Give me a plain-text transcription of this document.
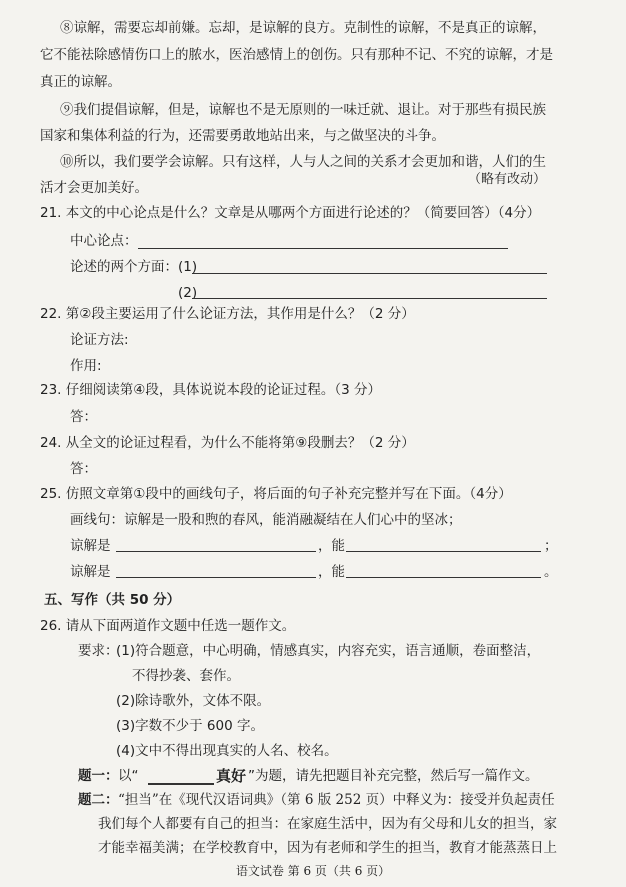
⑧谅解，需要忘却前嫌。忘却，是谅解的良方。克制性的谅解，不是真正的谅解，
它不能祛除感情伤口上的脓水，医治感情上的创伤。只有那种不记、不究的谅解，才是
真正的谅解。
⑨我们提倡谅解，但是，谅解也不是无原则的一味迁就、退让。对于那些有损民族
国家和集体利益的行为，还需要勇敢地站出来，与之做坚决的斗争。
⑩所以，我们要学会谅解。只有这样，人与人之间的关系才会更加和谐，人们的生
活才会更加美好。
（略有改动）
21. 本文的中心论点是什么？文章是从哪两个方面进行论述的？（简要回答）（4分）
中心论点：
论述的两个方面：(1)
(2)
22. 第②段主要运用了什么论证方法，其作用是什么？（2 分）
论证方法:
作用:
23. 仔细阅读第④段，具体说说本段的论证过程。（3 分）
答：
24. 从全文的论证过程看，为什么不能将第⑨段删去？（2 分）
答：
25. 仿照文章第①段中的画线句子，将后面的句子补充完整并写在下面。（4分）
画线句：谅解是一股和煦的春风，能消融凝结在人们心中的坚冰；
谅解是	，能	；
谅解是	，能	。
五、写作（共 50 分）
26. 请从下面两道作文题中任选一题作文。
要求：
(1)符合题意，中心明确，情感真实，内容充实，语言通顺，卷面整洁，
不得抄袭、套作。
(2)除诗歌外，文体不限。
(3)字数不少于 600 字。
(4)文中不得出现真实的人名、校名。
题一： 以“	真好 ”为题，请先把题目补充完整，然后写一篇作文。
题二： “担当”在《现代汉语词典》（第 6 版 252 页）中释义为：接受并负起责任
我们每个人都要有自己的担当：在家庭生活中，因为有父母和儿女的担当，家
才能幸福美满；在学校教育中，因为有老师和学生的担当，教育才能蒸蒸日上
语文试卷 第 6 页（共 6 页）
